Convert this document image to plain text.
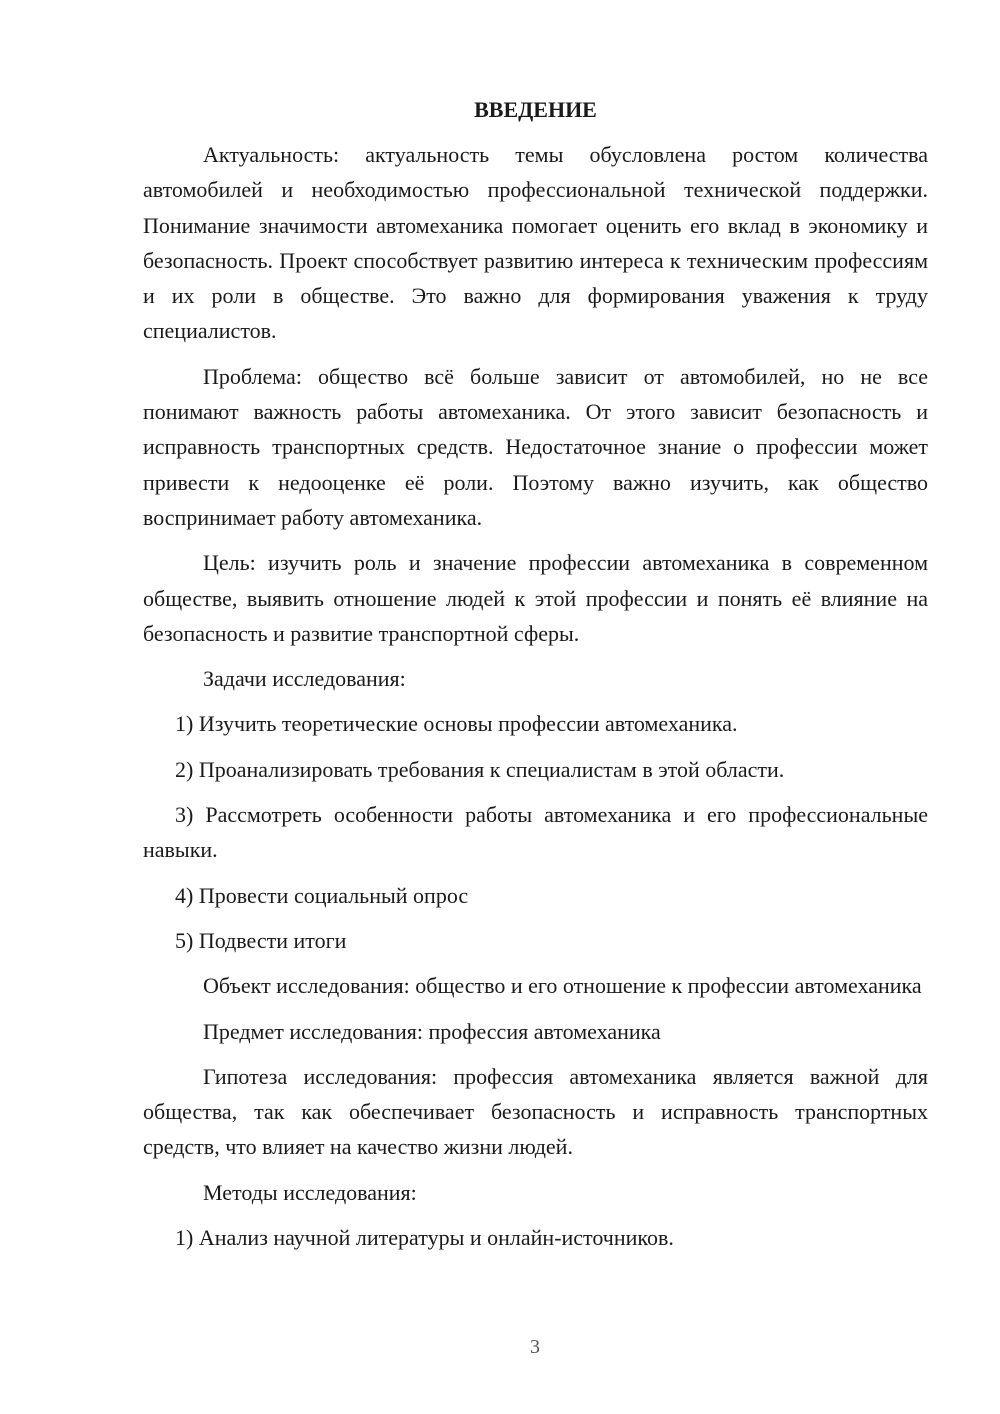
ВВЕДЕНИЕ

Актуальность: актуальность темы обусловлена ростом количества автомобилей и необходимостью профессиональной технической поддержки. Понимание значимости автомеханика помогает оценить его вклад в экономику и безопасность. Проект способствует развитию интереса к техническим профессиям и их роли в обществе. Это важно для формирования уважения к труду специалистов.

Проблема: общество всё больше зависит от автомобилей, но не все понимают важность работы автомеханика. От этого зависит безопасность и исправность транспортных средств. Недостаточное знание о профессии может привести к недооценке её роли. Поэтому важно изучить, как общество воспринимает работу автомеханика.

Цель: изучить роль и значение профессии автомеханика в современном обществе, выявить отношение людей к этой профессии и понять её влияние на безопасность и развитие транспортной сферы.

Задачи исследования:

1) Изучить теоретические основы профессии автомеханика.

2) Проанализировать требования к специалистам в этой области.

3) Рассмотреть особенности работы автомеханика и его профессиональные навыки.

4) Провести социальный опрос

5) Подвести итоги

Объект исследования: общество и его отношение к профессии автомеханика

Предмет исследования: профессия автомеханика

Гипотеза исследования: профессия автомеханика является важной для общества, так как обеспечивает безопасность и исправность транспортных средств, что влияет на качество жизни людей.

Методы исследования:

1) Анализ научной литературы и онлайн-источников.

3
